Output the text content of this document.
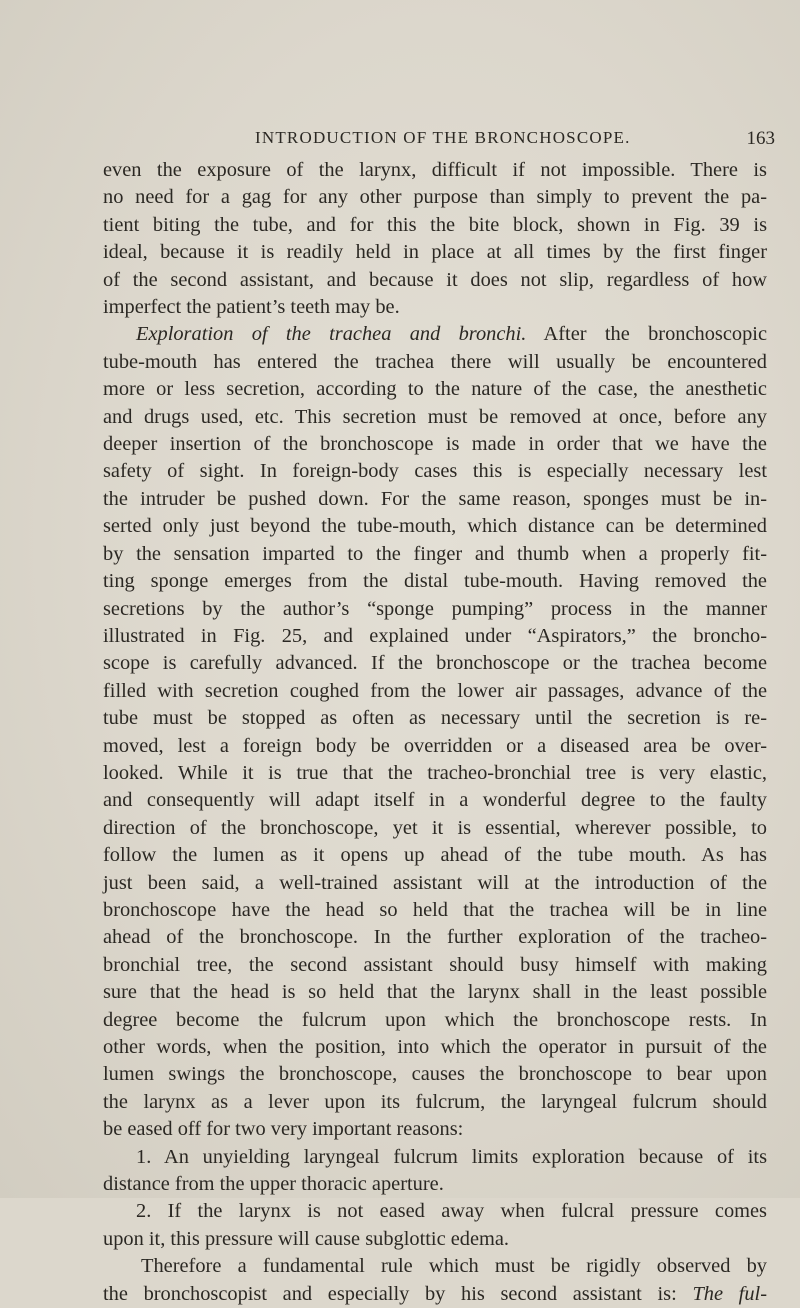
INTRODUCTION OF THE BRONCHOSCOPE.	163
even the exposure of the larynx, difficult if not impossible. There is
no need for a gag for any other purpose than simply to prevent the pa-
tient biting the tube, and for this the bite block, shown in Fig. 39 is
ideal, because it is readily held in place at all times by the first finger
of the second assistant, and because it does not slip, regardless of how
imperfect the patient’s teeth may be.
Exploration of the trachea and bronchi. After the bronchoscopic
tube-mouth has entered the trachea there will usually be encountered
more or less secretion, according to the nature of the case, the anesthetic
and drugs used, etc. This secretion must be removed at once, before any
deeper insertion of the bronchoscope is made in order that we have the
safety of sight. In foreign-body cases this is especially necessary lest
the intruder be pushed down. For the same reason, sponges must be in-
serted only just beyond the tube-mouth, which distance can be determined
by the sensation imparted to the finger and thumb when a properly fit-
ting sponge emerges from the distal tube-mouth. Having removed the
secretions by the author’s “sponge pumping” process in the manner
illustrated in Fig. 25, and explained under “Aspirators,” the broncho-
scope is carefully advanced. If the bronchoscope or the trachea become
filled with secretion coughed from the lower air passages, advance of the
tube must be stopped as often as necessary until the secretion is re-
moved, lest a foreign body be overridden or a diseased area be over-
looked. While it is true that the tracheo-bronchial tree is very elastic,
and consequently will adapt itself in a wonderful degree to the faulty
direction of the bronchoscope, yet it is essential, wherever possible, to
follow the lumen as it opens up ahead of the tube mouth. As has
just been said, a well-trained assistant will at the introduction of the
bronchoscope have the head so held that the trachea will be in line
ahead of the bronchoscope. In the further exploration of the tracheo-
bronchial tree, the second assistant should busy himself with making
sure that the head is so held that the larynx shall in the least possible
degree become the fulcrum upon which the bronchoscope rests. In
other words, when the position, into which the operator in pursuit of the
lumen swings the bronchoscope, causes the bronchoscope to bear upon
the larynx as a lever upon its fulcrum, the laryngeal fulcrum should
be eased off for two very important reasons:
1. An unyielding laryngeal fulcrum limits exploration because of its
distance from the upper thoracic aperture.
2. If the larynx is not eased away when fulcral pressure comes
upon it, this pressure will cause subglottic edema.
Therefore a fundamental rule which must be rigidly observed by
the bronchoscopist and especially by his second assistant is: The ful-
